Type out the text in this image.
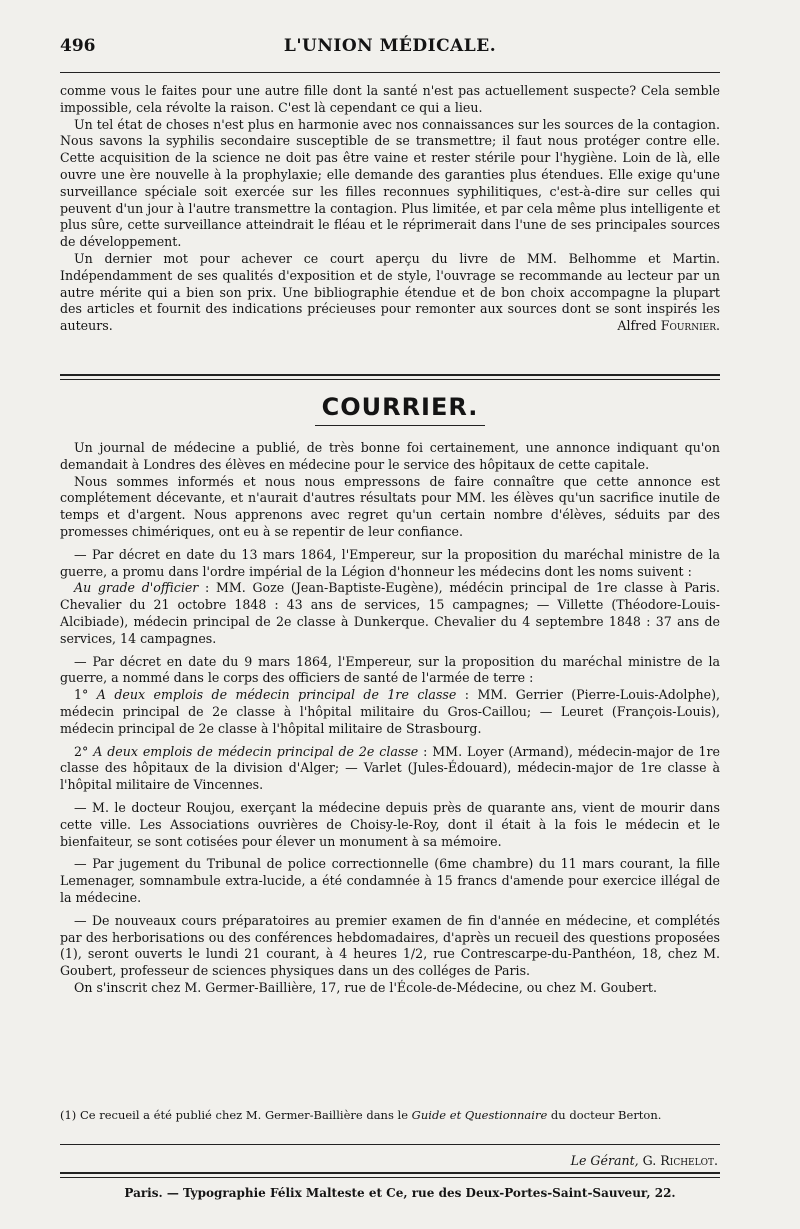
496	L'UNION MÉDICALE.

comme vous le faites pour une autre fille dont la santé n'est pas actuellement suspecte? Cela semble impossible, cela révolte la raison. C'est là cependant ce qui a lieu.

Un tel état de choses n'est plus en harmonie avec nos connaissances sur les sources de la contagion. Nous savons la syphilis secondaire susceptible de se transmettre; il faut nous protéger contre elle. Cette acquisition de la science ne doit pas être vaine et rester stérile pour l'hygiène. Loin de là, elle ouvre une ère nouvelle à la prophylaxie; elle demande des garanties plus étendues. Elle exige qu'une surveillance spéciale soit exercée sur les filles reconnues syphilitiques, c'est-à-dire sur celles qui peuvent d'un jour à l'autre transmettre la contagion. Plus limitée, et par cela même plus intelligente et plus sûre, cette surveillance atteindrait le fléau et le réprimerait dans l'une de ses principales sources de développement.

Un dernier mot pour achever ce court aperçu du livre de MM. Belhomme et Martin. Indépendamment de ses qualités d'exposition et de style, l'ouvrage se recommande au lecteur par un autre mérite qui a bien son prix. Une bibliographie étendue et de bon choix accompagne la plupart des articles et fournit des indications précieuses pour remonter aux sources dont se sont inspirés les auteurs.	Alfred Fournier.

COURRIER.

Un journal de médecine a publié, de très bonne foi certainement, une annonce indiquant qu'on demandait à Londres des élèves en médecine pour le service des hôpitaux de cette capitale.

Nous sommes informés et nous nous empressons de faire connaître que cette annonce est complétement décevante, et n'aurait d'autres résultats pour MM. les élèves qu'un sacrifice inutile de temps et d'argent. Nous apprenons avec regret qu'un certain nombre d'élèves, séduits par des promesses chimériques, ont eu à se repentir de leur confiance.

— Par décret en date du 13 mars 1864, l'Empereur, sur la proposition du maréchal ministre de la guerre, a promu dans l'ordre impérial de la Légion d'honneur les médecins dont les noms suivent :

Au grade d'officier : MM. Goze (Jean-Baptiste-Eugène), médécin principal de 1re classe à Paris. Chevalier du 21 octobre 1848 : 43 ans de services, 15 campagnes; — Villette (Théodore-Louis-Alcibiade), médecin principal de 2e classe à Dunkerque. Chevalier du 4 septembre 1848 : 37 ans de services, 14 campagnes.

— Par décret en date du 9 mars 1864, l'Empereur, sur la proposition du maréchal ministre de la guerre, a nommé dans le corps des officiers de santé de l'armée de terre :

1° A deux emplois de médecin principal de 1re classe : MM. Gerrier (Pierre-Louis-Adolphe), médecin principal de 2e classe à l'hôpital militaire du Gros-Caillou; — Leuret (François-Louis), médecin principal de 2e classe à l'hôpital militaire de Strasbourg.

2° A deux emplois de médecin principal de 2e classe : MM. Loyer (Armand), médecin-major de 1re classe des hôpitaux de la division d'Alger; — Varlet (Jules-Édouard), médecin-major de 1re classe à l'hôpital militaire de Vincennes.

— M. le docteur Roujou, exerçant la médecine depuis près de quarante ans, vient de mourir dans cette ville. Les Associations ouvrières de Choisy-le-Roy, dont il était à la fois le médecin et le bienfaiteur, se sont cotisées pour élever un monument à sa mémoire.

— Par jugement du Tribunal de police correctionnelle (6me chambre) du 11 mars courant, la fille Lemenager, somnambule extra-lucide, a été condamnée à 15 francs d'amende pour exercice illégal de la médecine.

— De nouveaux cours préparatoires au premier examen de fin d'année en médecine, et complétés par des herborisations ou des conférences hebdomadaires, d'après un recueil des questions proposées (1), seront ouverts le lundi 21 courant, à 4 heures 1/2, rue Contrescarpe-du-Panthéon, 18, chez M. Goubert, professeur de sciences physiques dans un des colléges de Paris.

On s'inscrit chez M. Germer-Baillière, 17, rue de l'École-de-Médecine, ou chez M. Goubert.

(1) Ce recueil a été publié chez M. Germer-Baillière dans le Guide et Questionnaire du docteur Berton.
Le Gérant, G. Richelot.
Paris. — Typographie Félix Malteste et Ce, rue des Deux-Portes-Saint-Sauveur, 22.
